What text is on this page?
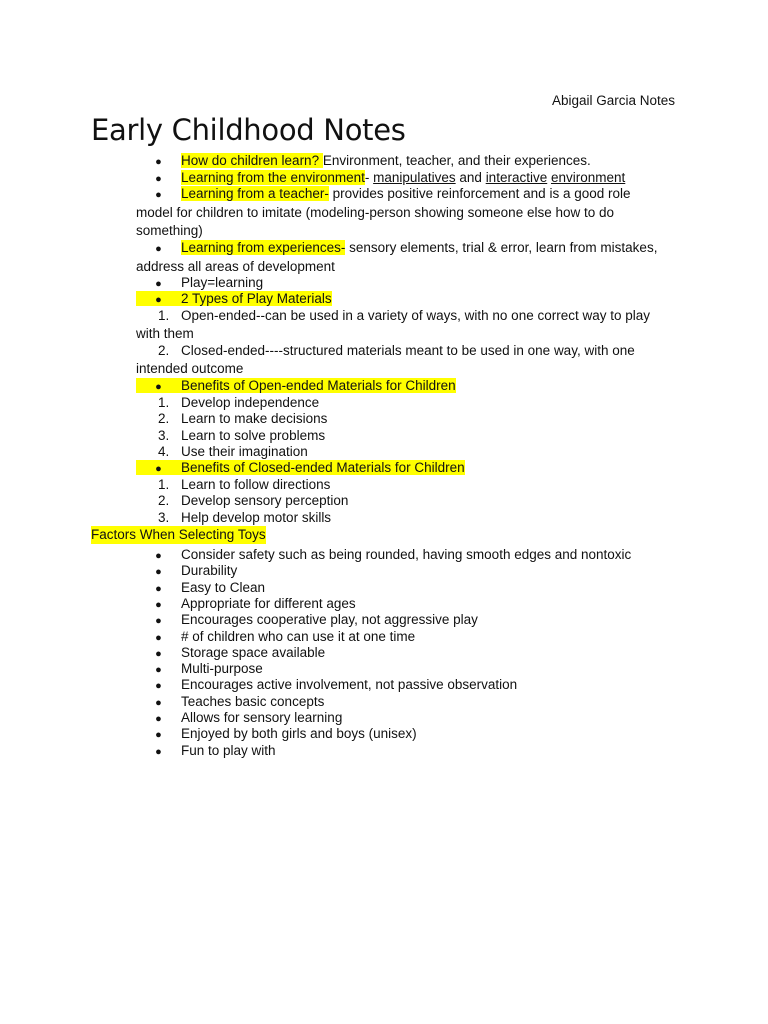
Abigail Garcia Notes
Early Childhood Notes
● How do children learn? Environment, teacher, and their experiences.
● Learning from the environment- manipulatives and interactive environment
● Learning from a teacher- provides positive reinforcement and is a good role
model for children to imitate (modeling-person showing someone else how to do
something)
● Learning from experiences- sensory elements, trial & error, learn from mistakes,
address all areas of development
● Play=learning
● 2 Types of Play Materials
1. Open-ended--can be used in a variety of ways, with no one correct way to play
with them
2. Closed-ended----structured materials meant to be used in one way, with one
intended outcome
● Benefits of Open-ended Materials for Children
1. Develop independence
2. Learn to make decisions
3. Learn to solve problems
4. Use their imagination
● Benefits of Closed-ended Materials for Children
1. Learn to follow directions
2. Develop sensory perception
3. Help develop motor skills
Factors When Selecting Toys
● Consider safety such as being rounded, having smooth edges and nontoxic
● Durability
● Easy to Clean
● Appropriate for different ages
● Encourages cooperative play, not aggressive play
● # of children who can use it at one time
● Storage space available
● Multi-purpose
● Encourages active involvement, not passive observation
● Teaches basic concepts
● Allows for sensory learning
● Enjoyed by both girls and boys (unisex)
● Fun to play with
